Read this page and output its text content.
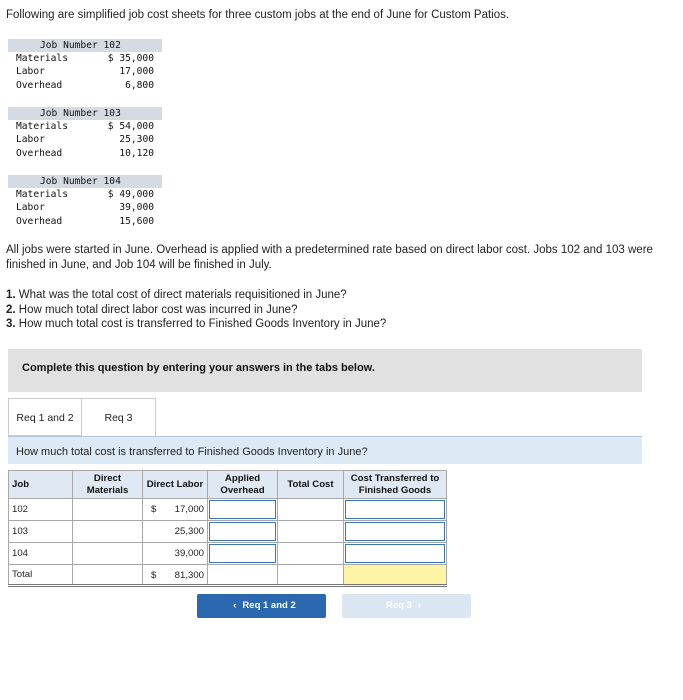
Following are simplified job cost sheets for three custom jobs at the end of June for Custom Patios.
Job Number 102
Materials	$ 35,000
Labor	17,000
Overhead	6,800
Job Number 103
Materials	$ 54,000
Labor	25,300
Overhead	10,120
Job Number 104
Materials	$ 49,000
Labor	39,000
Overhead	15,600
All jobs were started in June. Overhead is applied with a predetermined rate based on direct labor cost. Jobs 102 and 103 were finished in June, and Job 104 will be finished in July.
1. What was the total cost of direct materials requisitioned in June?
2. How much total direct labor cost was incurred in June?
3. How much total cost is transferred to Finished Goods Inventory in June?
Complete this question by entering your answers in the tabs below.
Req 1 and 2	Req 3
How much total cost is transferred to Finished Goods Inventory in June?
Job	Direct Materials	Direct Labor	Applied Overhead	Total Cost	Cost Transferred to Finished Goods
102		$ 17,000			

103		25,300			

104		39,000			

Total		$ 81,300			

‹ Req 1 and 2	Req 3 ›
